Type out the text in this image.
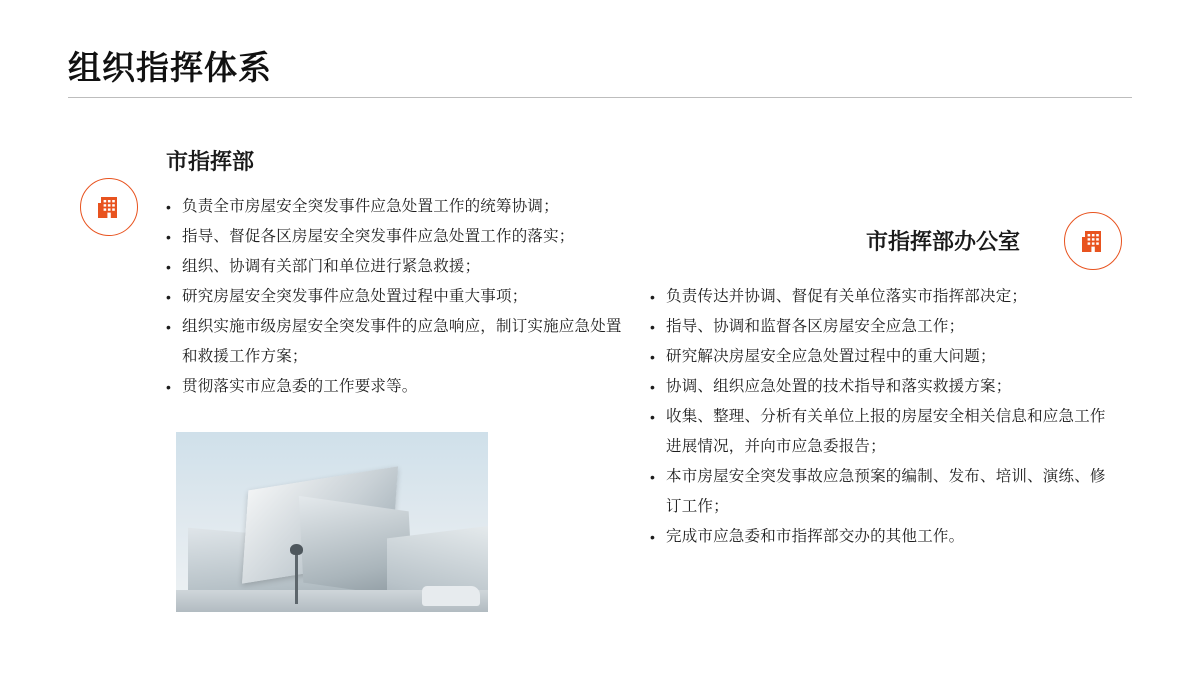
组织指挥体系
市指挥部
• 负责全市房屋安全突发事件应急处置工作的统筹协调；
• 指导、督促各区房屋安全突发事件应急处置工作的落实；
• 组织、协调有关部门和单位进行紧急救援；
• 研究房屋安全突发事件应急处置过程中重大事项；
• 组织实施市级房屋安全突发事件的应急响应，制订实施应急处置和救援工作方案；
• 贯彻落实市应急委的工作要求等。
市指挥部办公室
• 负责传达并协调、督促有关单位落实市指挥部决定；
• 指导、协调和监督各区房屋安全应急工作；
• 研究解决房屋安全应急处置过程中的重大问题；
• 协调、组织应急处置的技术指导和落实救援方案；
• 收集、整理、分析有关单位上报的房屋安全相关信息和应急工作进展情况，并向市应急委报告；
• 本市房屋安全突发事故应急预案的编制、发布、培训、演练、修订工作；
• 完成市应急委和市指挥部交办的其他工作。
